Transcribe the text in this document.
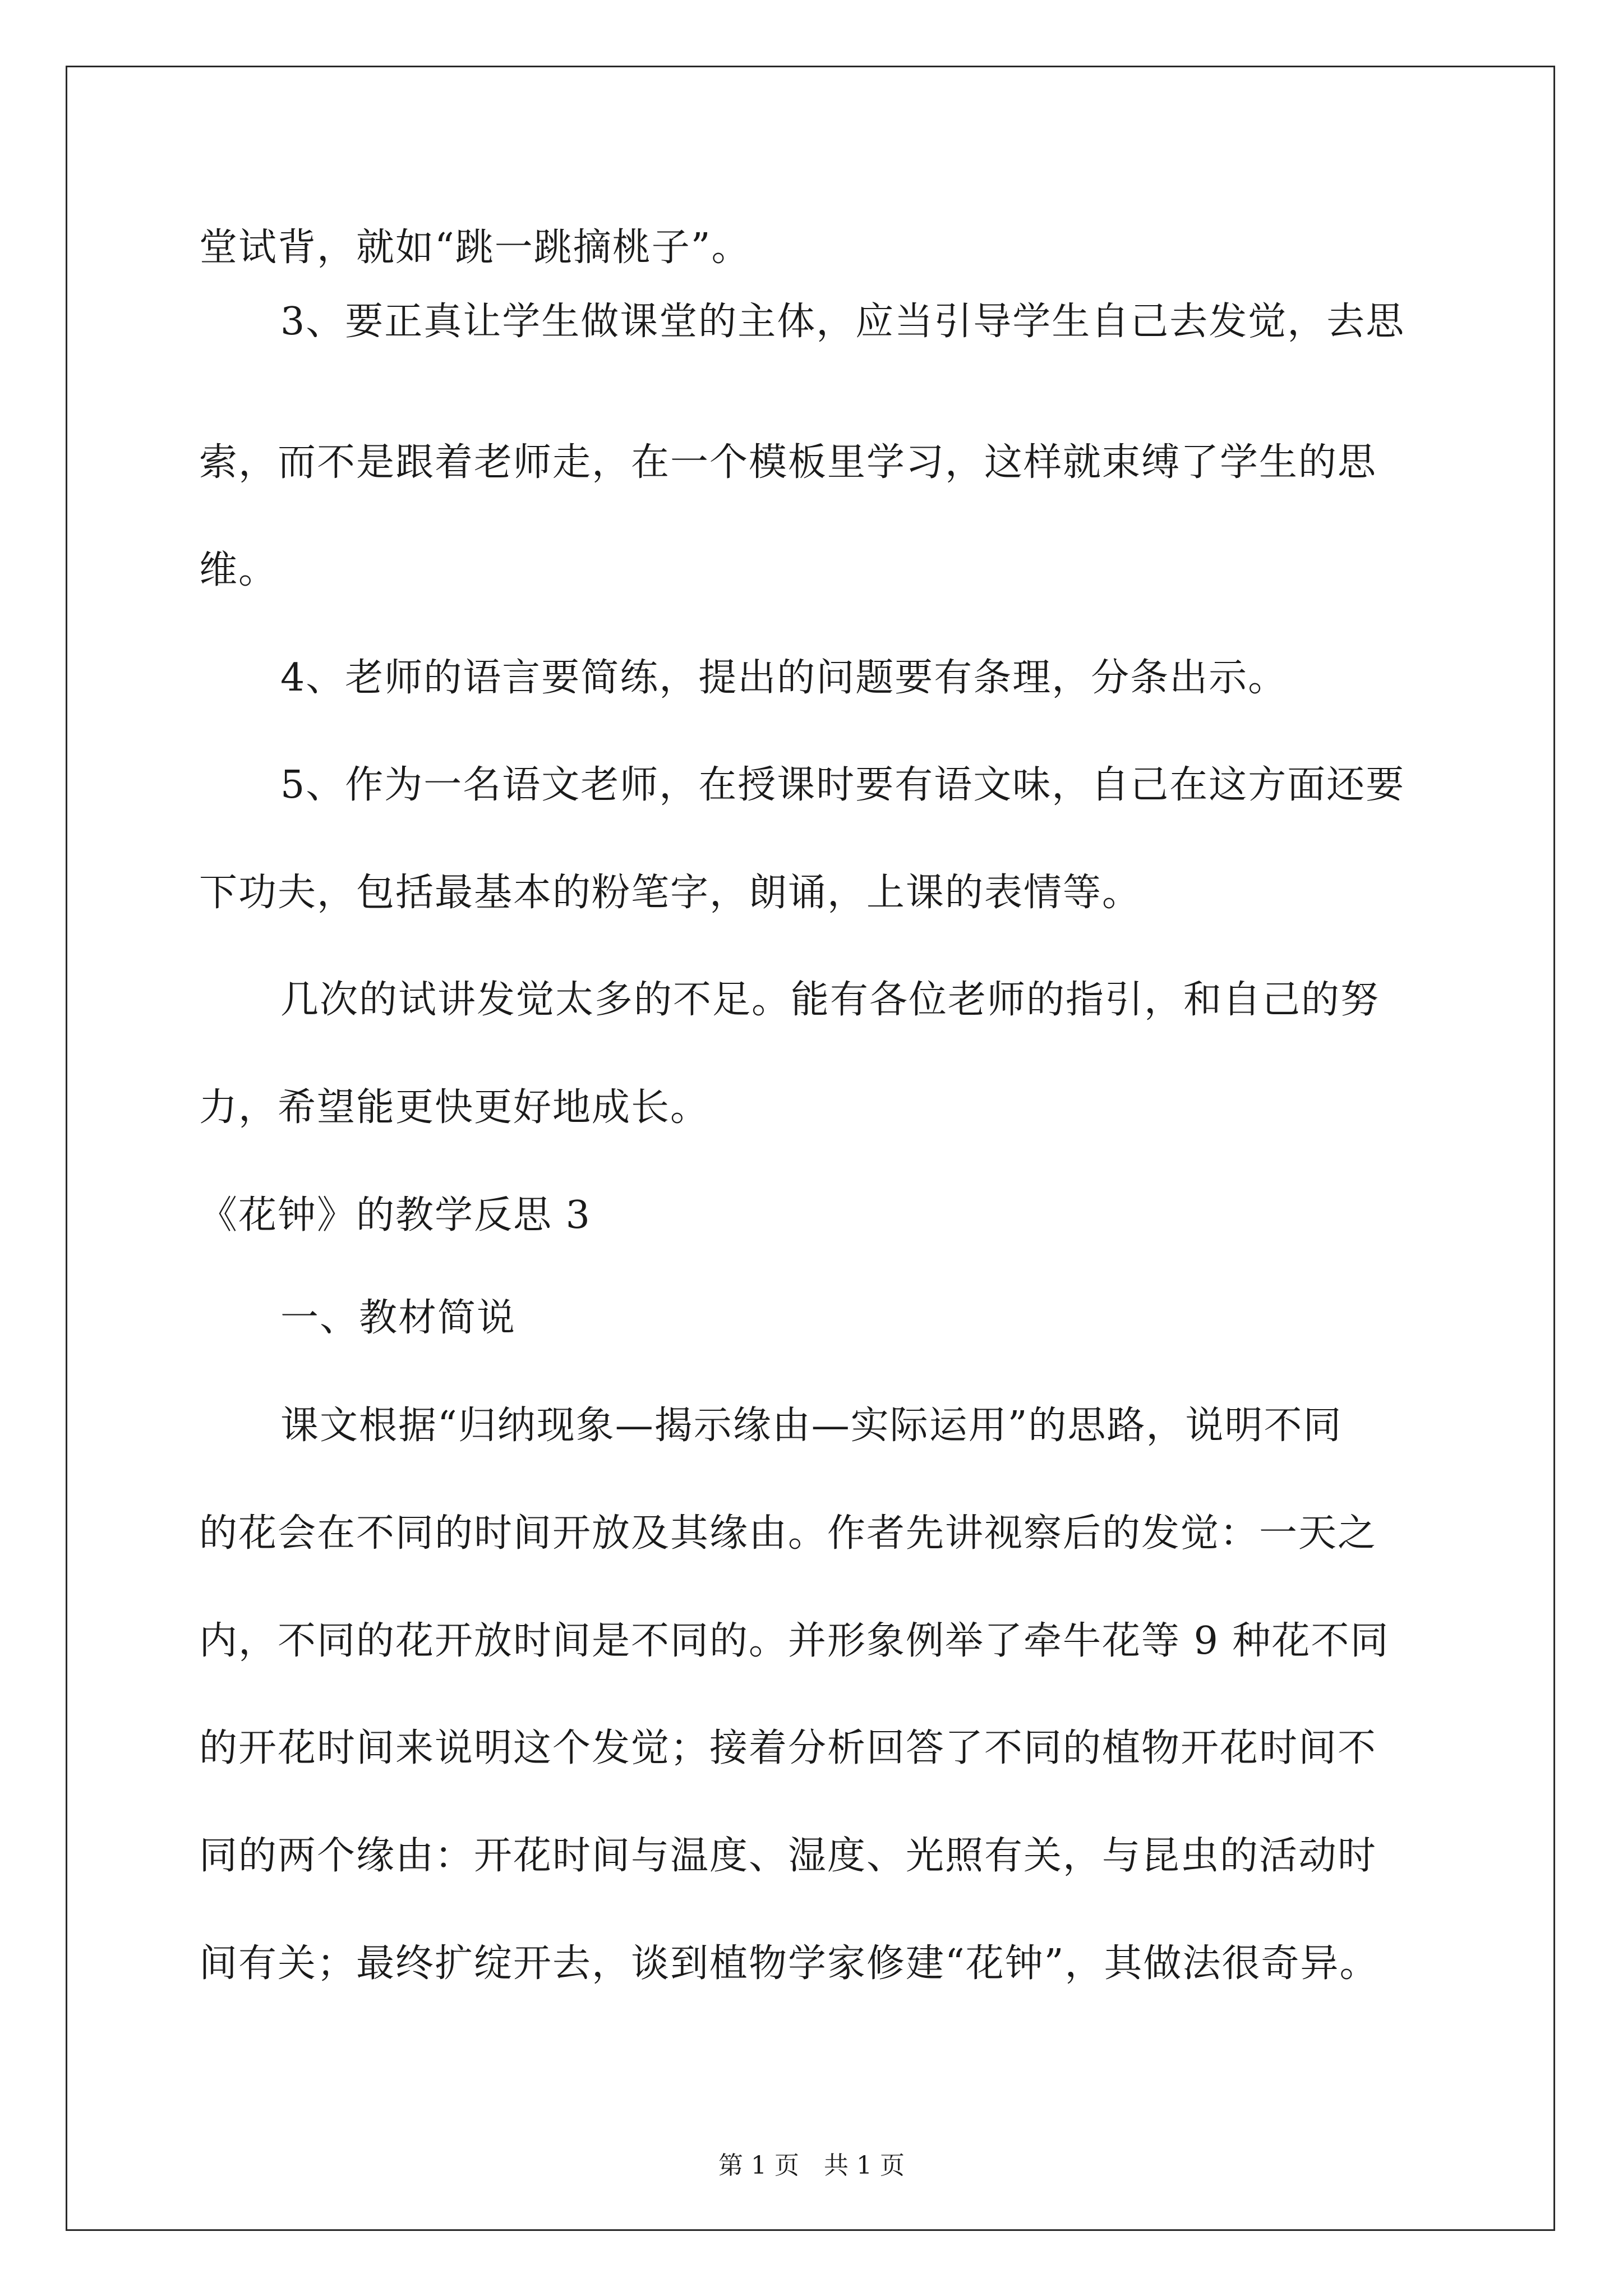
堂试背，就如“跳一跳摘桃子”。
3、要正真让学生做课堂的主体，应当引导学生自己去发觉，去思
索，而不是跟着老师走，在一个模板里学习，这样就束缚了学生的思
维。
4、老师的语言要简练，提出的问题要有条理，分条出示。
5、作为一名语文老师，在授课时要有语文味，自己在这方面还要
下功夫，包括最基本的粉笔字，朗诵，上课的表情等。
几次的试讲发觉太多的不足。能有各位老师的指引，和自己的努
力，希望能更快更好地成长。
《花钟》的教学反思 3
一、教材简说
课文根据“归纳现象—揭示缘由—实际运用”的思路，说明不同
的花会在不同的时间开放及其缘由。作者先讲视察后的发觉：一天之
内，不同的花开放时间是不同的。并形象例举了牵牛花等 9 种花不同
的开花时间来说明这个发觉；接着分析回答了不同的植物开花时间不
同的两个缘由：开花时间与温度、湿度、光照有关，与昆虫的活动时
间有关；最终扩绽开去，谈到植物学家修建“花钟”，其做法很奇异。
第 1 页　共 1 页
